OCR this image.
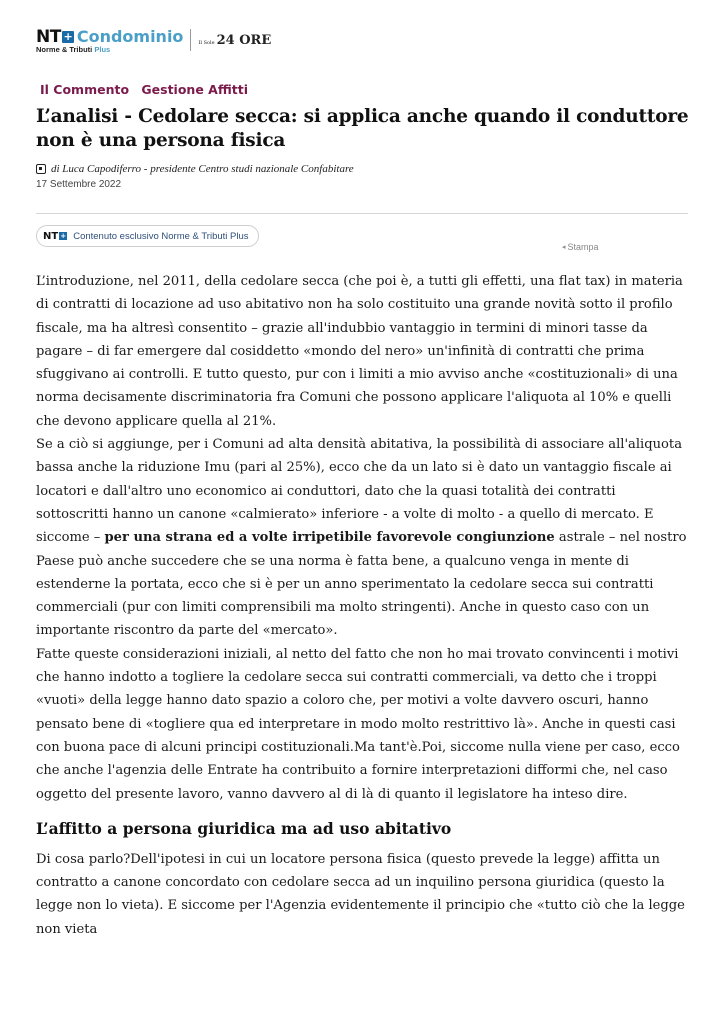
NT + Condominio
Norme & Tributi Plus
Il Sole 24 ORE
Il Commento Gestione Affitti
L’analisi - Cedolare secca: si applica anche quando il conduttore non è una persona fisica
di Luca Capodiferro - presidente Centro studi nazionale Confabitare
17 Settembre 2022
NT + Contenuto esclusivo Norme & Tributi Plus
◂ Stampa

L’introduzione, nel 2011, della cedolare secca (che poi è, a tutti gli effetti, una flat tax) in materia di contratti di locazione ad uso abitativo non ha solo costituito una grande novità sotto il profilo fiscale, ma ha altresì consentito – grazie all'indubbio vantaggio in termini di minori tasse da pagare – di far emergere dal cosiddetto «mondo del nero» un'infinità di contratti che prima sfuggivano ai controlli. E tutto questo, pur con i limiti a mio avviso anche «costituzionali» di una norma decisamente discriminatoria fra Comuni che possono applicare l'aliquota al 10% e quelli che devono applicare quella al 21%.

Se a ciò si aggiunge, per i Comuni ad alta densità abitativa, la possibilità di associare all'aliquota bassa anche la riduzione Imu (pari al 25%), ecco che da un lato si è dato un vantaggio fiscale ai locatori e dall'altro uno economico ai conduttori, dato che la quasi totalità dei contratti sottoscritti hanno un canone «calmierato» inferiore - a volte di molto - a quello di mercato. E siccome – per una strana ed a volte irripetibile favorevole congiunzione astrale – nel nostro Paese può anche succedere che se una norma è fatta bene, a qualcuno venga in mente di estenderne la portata, ecco che si è per un anno sperimentato la cedolare secca sui contratti commerciali (pur con limiti comprensibili ma molto stringenti). Anche in questo caso con un importante riscontro da parte del «mercato».

Fatte queste considerazioni iniziali, al netto del fatto che non ho mai trovato convincenti i motivi che hanno indotto a togliere la cedolare secca sui contratti commerciali, va detto che i troppi «vuoti» della legge hanno dato spazio a coloro che, per motivi a volte davvero oscuri, hanno pensato bene di «togliere qua ed interpretare in modo molto restrittivo là». Anche in questi casi con buona pace di alcuni principi costituzionali.Ma tant'è.Poi, siccome nulla viene per caso, ecco che anche l'agenzia delle Entrate ha contribuito a fornire interpretazioni difformi che, nel caso oggetto del presente lavoro, vanno davvero al di là di quanto il legislatore ha inteso dire.

L’affitto a persona giuridica ma ad uso abitativo

Di cosa parlo?Dell'ipotesi in cui un locatore persona fisica (questo prevede la legge) affitta un contratto a canone concordato con cedolare secca ad un inquilino persona giuridica (questo la legge non lo vieta). E siccome per l'Agenzia evidentemente il principio che «tutto ciò che la legge non vieta
